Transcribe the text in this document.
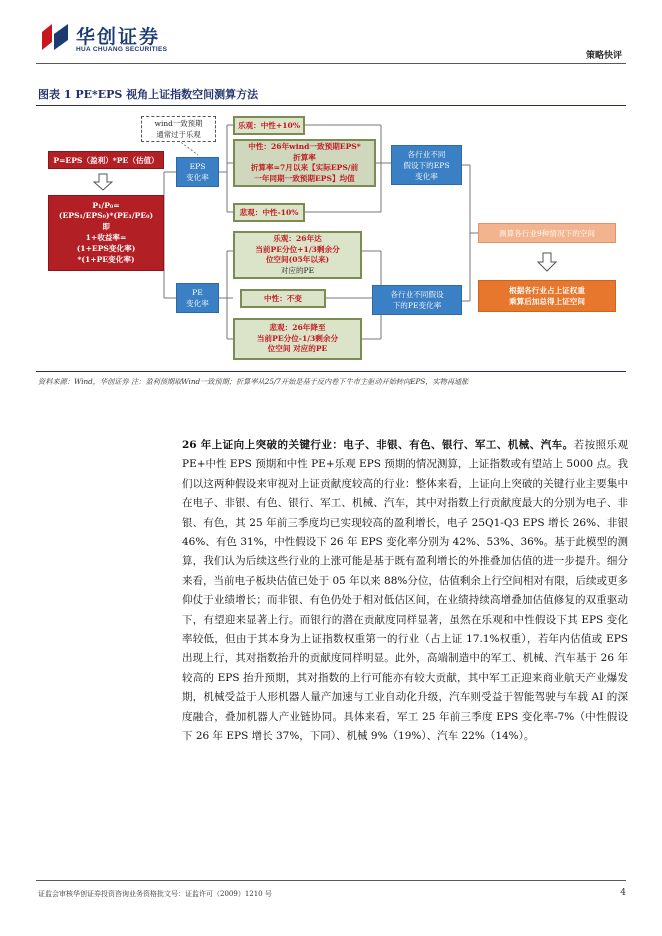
华创证券
HUA CHUANG SECURITIES
策略快评
图表 1 PE*EPS 视角上证指数空间测算方法
wind一致预期
通常过于乐观
P=EPS（盈利）*PE（估值）
P₁/P₀=
(EPS₁/EPS₀)*(PE₁/PE₀)
即
1+收益率=
(1+EPS变化率)
*(1+PE变化率)
EPS
变化率
PE
变化率
乐观：中性+10%
中性：26年wind一致预期EPS*
折算率
折算率=7月以来【实际EPS/前
一年同期一致预期EPS】均值
悲观：中性-10%
乐观：26年达
当前PE分位+1/3剩余分
位空间(05年以来)
对应的PE
中性：不变
悲观：26年降至
当前PE分位-1/3剩余分
位空间 对应的PE
各行业不同
假设下的EPS
变化率
各行业不同假设
下的PE变化率
测算各行业9种情况下的空间
根据各行业占上证权重
乘算后加总得上证空间
资料来源：Wind，华创证券 注：盈利预期取Wind一致预期；折算率从25/7开始是基于反内卷下牛市主驱动开始转向EPS，实物再通胀
26 年上证向上突破的关键行业：电子、非银、有色、银行、军工、机械、汽车。若按照乐观 PE+中性 EPS 预期和中性 PE+乐观 EPS 预期的情况测算，上证指数或有望站上 5000 点。我们以这两种假设来审视对上证贡献度较高的行业：整体来看，上证向上突破的关键行业主要集中在电子、非银、有色、银行、军工、机械、汽车，其中对指数上行贡献度最大的分别为电子、非银、有色，其 25 年前三季度均已实现较高的盈利增长，电子 25Q1-Q3 EPS 增长 26%、非银 46%、有色 31%，中性假设下 26 年 EPS 变化率分别为 42%、53%、36%。基于此模型的测算，我们认为后续这些行业的上涨可能是基于既有盈利增长的外推叠加估值的进一步提升。细分来看，当前电子板块估值已处于 05 年以来 88%分位，估值剩余上行空间相对有限，后续或更多仰仗于业绩增长；而非银、有色仍处于相对低估区间，在业绩持续高增叠加估值修复的双重驱动下，有望迎来显著上行。而银行的潜在贡献度同样显著，虽然在乐观和中性假设下其 EPS 变化率较低，但由于其本身为上证指数权重第一的行业（占上证 17.1%权重），若年内估值或 EPS 出现上行，其对指数抬升的贡献度同样明显。此外，高端制造中的军工、机械、汽车基于 26 年较高的 EPS 抬升预期，其对指数的上行可能亦有较大贡献，其中军工正迎来商业航天产业爆发期，机械受益于人形机器人量产加速与工业自动化升级，汽车则受益于智能驾驶与车载 AI 的深度融合，叠加机器人产业链协同。具体来看，军工 25 年前三季度 EPS 变化率-7%（中性假设下 26 年 EPS 增长 37%，下同）、机械 9%（19%）、汽车 22%（14%）。
证监会审核华创证券投资咨询业务资格批文号：证监许可（2009）1210 号	4
